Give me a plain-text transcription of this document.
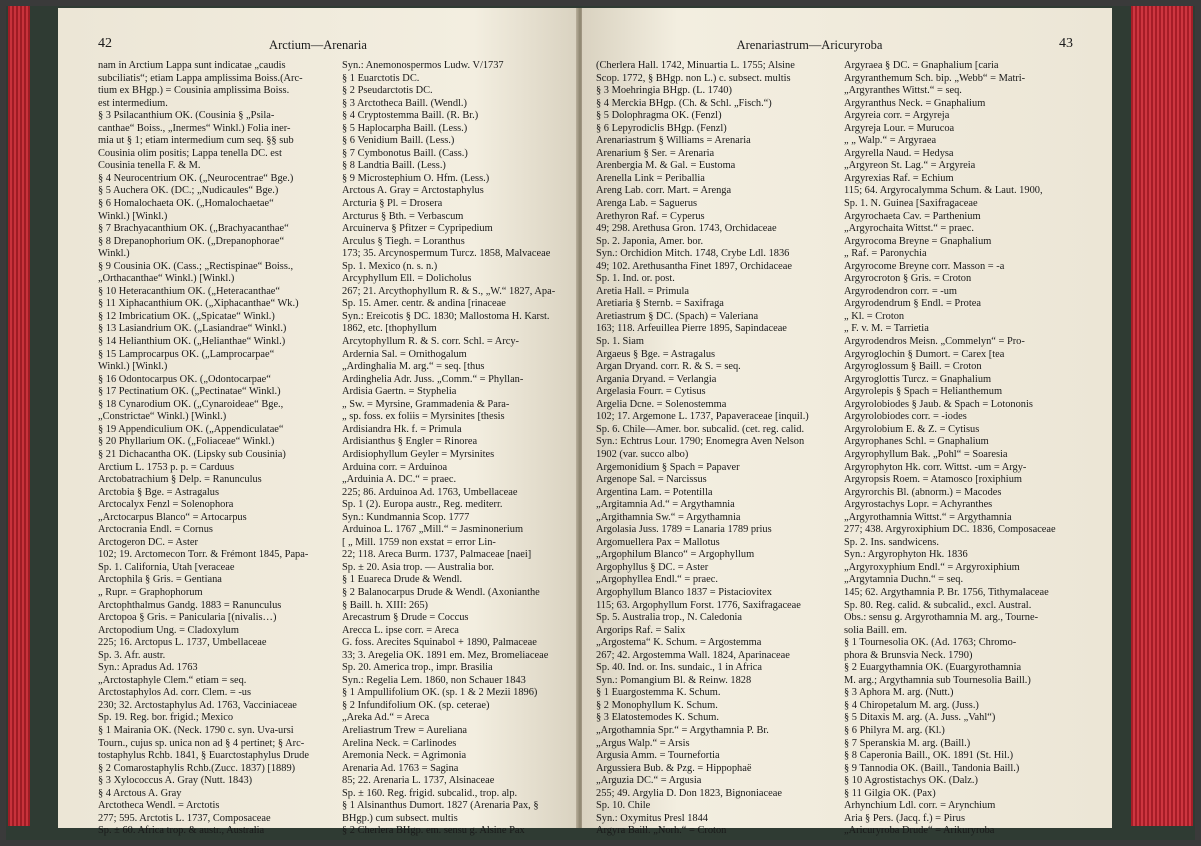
42	Arctium—Arenaria
nam in Arctium Lappa sunt indicatae „caudis
subciliatis“; etiam Lappa amplissima Boiss.(Arc-
tium ex BHgp.) = Cousinia amplissima Boiss.
est intermedium.
§ 3 Psilacanthium OK. (Cousinia § „Psila-
canthae“ Boiss., „Inermes“ Winkl.) Folia iner-
mia ut § 1; etiam intermedium cum seq. §§ sub
Cousinia olim positis; Lappa tenella DC. est
Cousinia tenella F. & M.
§ 4 Neurocentrium OK. („Neurocentrae“ Bge.)
§ 5 Auchera OK. (DC.; „Nudicaules“ Bge.)
§ 6 Homalochaeta OK. („Homalochaetae“
Winkl.) [Winkl.)
§ 7 Brachyacanthium OK. („Brachyacanthae“
§ 8 Drepanophorium OK. („Drepanophorae“
Winkl.)
§ 9 Cousinia OK. (Cass.; „Rectispinae“ Boiss.,
„Orthacanthae“ Winkl.) [Winkl.)
§ 10 Heteracanthium OK. („Heteracanthae“
§ 11 Xiphacanthium OK. („Xiphacanthae“ Wk.)
§ 12 Imbricatium OK. („Spicatae“ Winkl.)
§ 13 Lasiandrium OK. („Lasiandrae“ Winkl.)
§ 14 Helianthium OK. („Helianthae“ Winkl.)
§ 15 Lamprocarpus OK. („Lamprocarpae“
Winkl.) [Winkl.)
§ 16 Odontocarpus OK. („Odontocarpae“
§ 17 Pectinatium OK. („Pectinatae“ Winkl.)
§ 18 Cynarodium OK. („Cynaroideae“ Bge.,
„Constrictae“ Winkl.) [Winkl.)
§ 19 Appendiculium OK. („Appendiculatae“
§ 20 Phyllarium OK. („Foliaceae“ Winkl.)
§ 21 Dichacantha OK. (Lipsky sub Cousinia)
Arctium L. 1753 p. p. = Carduus
Arctobatrachium § Delp. = Ranunculus
Arctobia § Bge. = Astragalus
Arctocalyx Fenzl = Solenophora
„Arctocarpus Blanco“ = Artocarpus
Arctocrania Endl. = Cornus
Arctogeron DC. = Aster
102; 19. Arctomecon Torr. & Frémont 1845, Papa-
Sp. 1. California, Utah [veraceae
Arctophila § Gris. = Gentiana
„ Rupr. = Graphophorum
Arctophthalmus Gandg. 1883 = Ranunculus
Arctopoa § Gris. = Panicularia [(nivalis…)
Arctopodium Ung. = Cladoxylum
225; 16. Arctopus L. 1737, Umbellaceae
Sp. 3. Afr. austr.
Syn.: Apradus Ad. 1763
„Arctostaphyle Clem.“ etiam = seq.
Arctostaphylos Ad. corr. Clem. = -us
230; 32. Arctostaphylus Ad. 1763, Vacciniaceae
Sp. 19. Reg. bor. frigid.; Mexico
§ 1 Mairania OK. (Neck. 1790 c. syn. Uva-ursi
Tourn., cujus sp. unica non ad § 4 pertinet; § Arc-
tostaphylus Rchb. 1841, § Euarctostaphylus Drude
§ 2 Comarostaphylis Rchb.(Zucc. 1837) [1889)
§ 3 Xylococcus A. Gray (Nutt. 1843)
§ 4 Arctous A. Gray
Arctotheca Wendl. = Arctotis
277; 595. Arctotis L. 1737, Composaceae
Sp. ± 60. Africa trop. & austr., Australia
Syn.: Anemonospermos Ludw. V/1737
§ 1 Euarctotis DC.
§ 2 Pseudarctotis DC.
§ 3 Arctotheca Baill. (Wendl.)
§ 4 Cryptostemma Baill. (R. Br.)
§ 5 Haplocarpha Baill. (Less.)
§ 6 Venidium Baill. (Less.)
§ 7 Cymbonotus Baill. (Cass.)
§ 8 Landtia Baill. (Less.)
§ 9 Microstephium O. Hfm. (Less.)
Arctous A. Gray = Arctostaphylus
Arcturia § Pl. = Drosera
Arcturus § Bth. = Verbascum
Arcuinerva § Pfitzer = Cypripedium
Arculus § Tiegh. = Loranthus
173; 35. Arcynospermum Turcz. 1858, Malvaceae
Sp. 1. Mexico (n. s. n.)
Arcyphyllum Ell. = Dolicholus
267; 21. Arcythophyllum R. & S., „W.“ 1827, Apa-
Sp. 15. Amer. centr. & andina [rinaceae
Syn.: Ereicotis § DC. 1830; Mallostoma H. Karst.
1862, etc. [thophyllum
Arcytophyllum R. & S. corr. Schl. = Arcy-
Ardernia Sal. = Ornithogalum
„Ardinghalia M. arg.“ = seq. [thus
Ardinghelia Adr. Juss. „Comm.“ = Phyllan-
Ardisia Gaertn. = Styphelia
„ Sw. = Myrsine, Grammadenia & Para-
„ sp. foss. ex foliis = Myrsinites [thesis
Ardisiandra Hk. f. = Primula
Ardisianthus § Engler = Rinorea
Ardisiophyllum Geyler = Myrsinites
Arduina corr. = Arduinoa
„Arduinia A. DC.“ = praec.
225; 86. Arduinoa Ad. 1763, Umbellaceae
Sp. 1 (2). Europa austr., Reg. mediterr.
Syn.: Kundmannia Scop. 1777
Arduinoa L. 1767 „Mill.“ = Jasminonerium
[ „ Mill. 1759 non exstat = error Lin-
22; 118. Areca Burm. 1737, Palmaceae [naei]
Sp. ± 20. Asia trop. — Australia bor.
§ 1 Euareca Drude & Wendl.
§ 2 Balanocarpus Drude & Wendl. (Axonianthe
§ Baill. h. XIII: 265)
Arecastrum § Drude = Coccus
Arecca L. ipse corr. = Areca
G. foss. Arecites Squinabol + 1890, Palmaceae
33; 3. Aregelia OK. 1891 em. Mez, Bromeliaceae
Sp. 20. America trop., impr. Brasilia
Syn.: Regelia Lem. 1860, non Schauer 1843
§ 1 Ampullifolium OK. (sp. 1 & 2 Mezii 1896)
§ 2 Infundifolium OK. (sp. ceterae)
„Areka Ad.“ = Areca
Areliastrum Trew = Aureliana
Arelina Neck. = Carlinodes
Aremonia Neck. = Agrimonia
Arenaria Ad. 1763 = Sagina
85; 22. Arenaria L. 1737, Alsinaceae
Sp. ± 160. Reg. frigid. subcalid., trop. alp.
§ 1 Alsinanthus Dumort. 1827 (Arenaria Pax, §
BHgp.) cum subsect. multis
§ 2 Cherlera BHgp. em. sensu g. Alsine Pax
Arenariastrum—Aricuryroba	43
(Cherlera Hall. 1742, Minuartia L. 1755; Alsine
Scop. 1772, § BHgp. non L.) c. subsect. multis
§ 3 Moehringia BHgp. (L. 1740)
§ 4 Merckia BHgp. (Ch. & Schl. „Fisch.“)
§ 5 Dolophragma OK. (Fenzl)
§ 6 Lepyrodiclis BHgp. (Fenzl)
Arenariastrum § Williams = Arenaria
Arenarium § Ser. = Arenaria
Arenbergia M. & Gal. = Eustoma
Arenella Link = Periballia
Areng Lab. corr. Mart. = Arenga
Arenga Lab. = Saguerus
Arethyron Raf. = Cyperus
49; 298. Arethusa Gron. 1743, Orchidaceae
Sp. 2. Japonia, Amer. bor.
Syn.: Orchidion Mitch. 1748, Crybe Ldl. 1836
49; 102. Arethusantha Finet 1897, Orchidaceae
Sp. 1. Ind. or. post.
Aretia Hall. = Primula
Aretiaria § Sternb. = Saxifraga
Aretiastrum § DC. (Spach) = Valeriana
163; 118. Arfeuillea Pierre 1895, Sapindaceae
Sp. 1. Siam
Argaeus § Bge. = Astragalus
Argan Dryand. corr. R. & S. = seq.
Argania Dryand. = Verlangia
Argelasia Fourr. = Cytisus
Argelia Dcne. = Solenostemma
102; 17. Argemone L. 1737, Papaveraceae [inquil.)
Sp. 6. Chile—Amer. bor. subcalid. (cet. reg. calid.
Syn.: Echtrus Lour. 1790; Enomegra Aven Nelson
1902 (var. succo albo)
Argemonidium § Spach = Papaver
Argenope Sal. = Narcissus
Argentina Lam. = Potentilla
„Argitamnia Ad.“ = Argythamnia
„Argithamnia Sw.“ = Argythamnia
Argolasia Juss. 1789 = Lanaria 1789 prius
Argomuellera Pax = Mallotus
„Argophilum Blanco“ = Argophyllum
Argophyllus § DC. = Aster
„Argophyllea Endl.“ = praec.
Argophyllum Blanco 1837 = Pistaciovitex
115; 63. Argophyllum Forst. 1776, Saxifragaceae
Sp. 5. Australia trop., N. Caledonia
Argorips Raf. = Salix
„Argostema“ K. Schum. = Argostemma
267; 42. Argostemma Wall. 1824, Aparinaceae
Sp. 40. Ind. or. Ins. sundaic., 1 in Africa
Syn.: Pomangium Bl. & Reinw. 1828
§ 1 Euargostemma K. Schum.
§ 2 Monophyllum K. Schum.
§ 3 Elatostemodes K. Schum.
„Argothamnia Spr.“ = Argythamnia P. Br.
„Argus Walp.“ = Arsis
Argusia Amm. = Tournefortia
Argussiera Bub. & Pzg. = Hippophaë
„Arguzia DC.“ = Argusia
255; 49. Argylia D. Don 1823, Bignoniaceae
Sp. 10. Chile
Syn.: Oxymitus Presl 1844
Argyra Baill. „Norh.“ = Croton
Argyraea § DC. = Gnaphalium [caria
Argyranthemum Sch. bip. „Webb“ = Matri-
„Argyranthes Wittst.“ = seq.
Argyranthus Neck. = Gnaphalium
Argyreia corr. = Argyreja
Argyreja Lour. = Murucoa
„ „ Walp.“ = Argyraea
Argyrella Naud. = Hedysa
„Argyreon St. Lag.“ = Argyreia
Argyrexias Raf. = Echium
115; 64. Argyrocalymma Schum. & Laut. 1900,
Sp. 1. N. Guinea [Saxifragaceae
Argyrochaeta Cav. = Parthenium
„Argyrochaita Wittst.“ = praec.
Argyrocoma Breyne = Gnaphalium
„ Raf. = Paronychia
Argyrocome Breyne corr. Masson = -a
Argyrocroton § Gris. = Croton
Argyrodendron corr. = -um
Argyrodendrum § Endl. = Protea
„ Kl. = Croton
„ F. v. M. = Tarrietia
Argyrodendros Meisn. „Commelyn“ = Pro-
Argyroglochin § Dumort. = Carex [tea
Argyroglossum § Baill. = Croton
Argyroglottis Turcz. = Gnaphalium
Argyrolepis § Spach = Helianthemum
Argyrolobiodes § Jaub. & Spach = Lotononis
Argyrolobiodes corr. = -iodes
Argyrolobium E. & Z. = Cytisus
Argyrophanes Schl. = Gnaphalium
Argyrophyllum Bak. „Pohl“ = Soaresia
Argyrophyton Hk. corr. Wittst. -um = Argy-
Argyropsis Roem. = Atamosco [roxiphium
Argyrorchis Bl. (abnorm.) = Macodes
Argyrostachys Lopr. = Achyranthes
„Argyrothamnia Wittst.“ = Argythamnia
277; 438. Argyroxiphium DC. 1836, Composaceae
Sp. 2. Ins. sandwicens.
Syn.: Argyrophyton Hk. 1836
„Argyroxyphium Endl.“ = Argyroxiphium
„Argytamnia Duchn.“ = seq.
145; 62. Argythamnia P. Br. 1756, Tithymalaceae
Sp. 80. Reg. calid. & subcalid., excl. Austral.
Obs.: sensu g. Argyrothamnia M. arg., Tourne-
solia Baill. em.
§ 1 Tournesolia OK. (Ad. 1763; Chromo-
phora & Brunsvia Neck. 1790)
§ 2 Euargythamnia OK. (Euargyrothamnia
M. arg.; Argythamnia sub Tournesolia Baill.)
§ 3 Aphora M. arg. (Nutt.)
§ 4 Chiropetalum M. arg. (Juss.)
§ 5 Ditaxis M. arg. (A. Juss. „Vahl“)
§ 6 Philyra M. arg. (Kl.)
§ 7 Speranskia M. arg. (Baill.)
§ 8 Caperonia Baill., OK. 1891 (St. Hil.)
§ 9 Tannodia OK. (Baill., Tandonia Baill.)
§ 10 Agrostistachys OK. (Dalz.)
§ 11 Gilgia OK. (Pax)
Arhynchium Ldl. corr. = Arynchium
Aria § Pers. (Jacq. f.) = Pirus
„Aricuryroba Drude“ = Arikuryroba
